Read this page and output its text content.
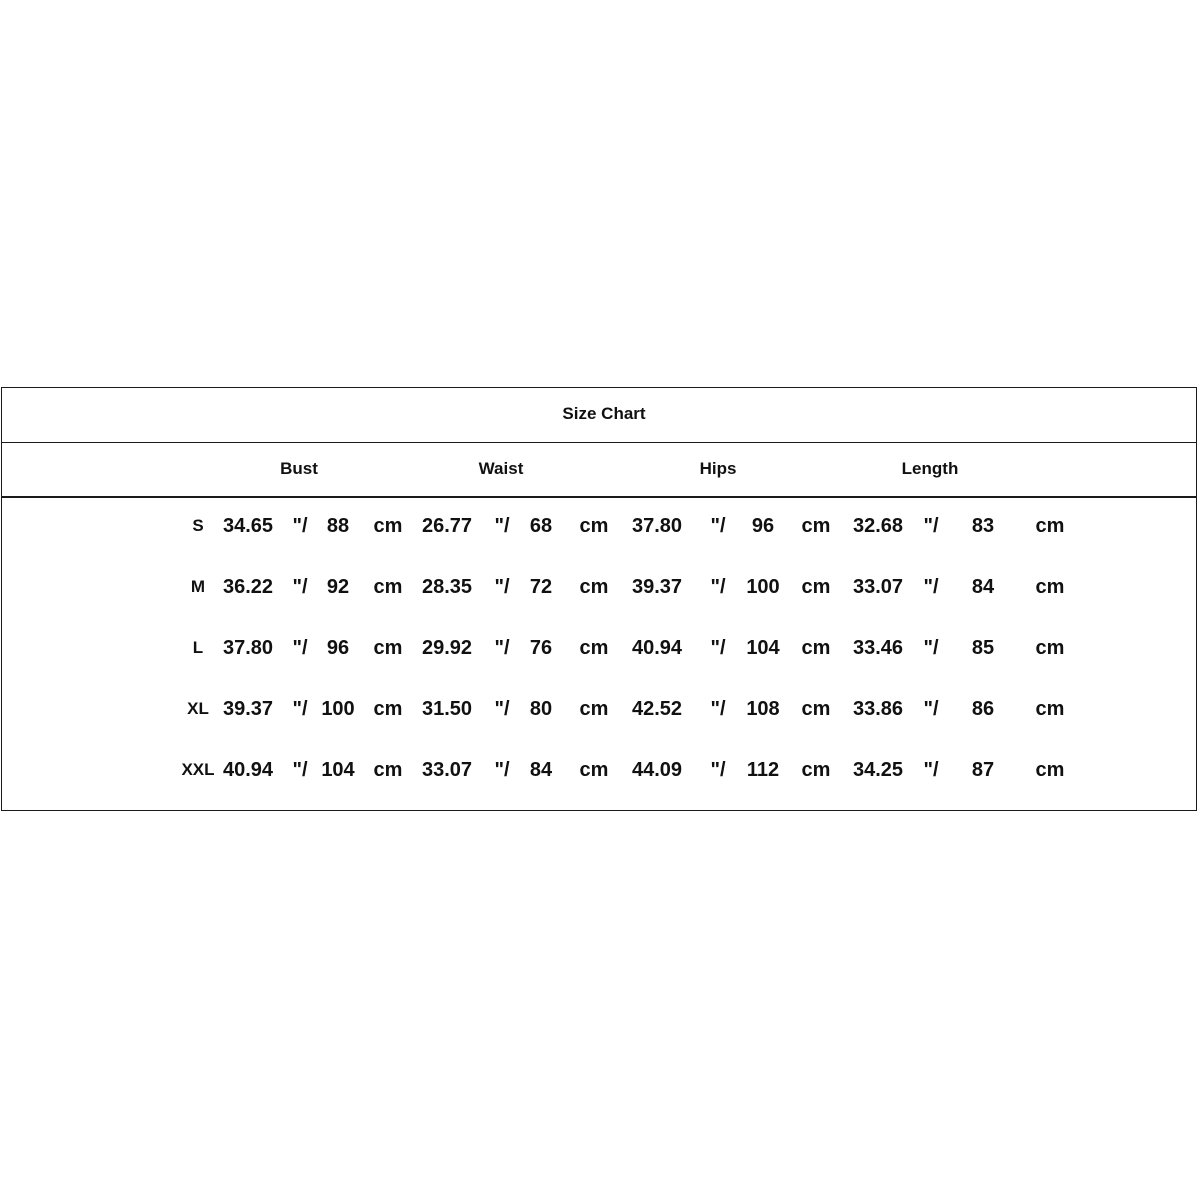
Size Chart
Bust	Waist	Hips	Length
S 34.65 "/ 88 cm 26.77 "/ 68 cm 37.80 "/ 96 cm 32.68 "/ 83 cm
M 36.22 "/ 92 cm 28.35 "/ 72 cm 39.37 "/ 100 cm 33.07 "/ 84 cm
L 37.80 "/ 96 cm 29.92 "/ 76 cm 40.94 "/ 104 cm 33.46 "/ 85 cm
XL 39.37 "/ 100 cm 31.50 "/ 80 cm 42.52 "/ 108 cm 33.86 "/ 86 cm
XXL 40.94 "/ 104 cm 33.07 "/ 84 cm 44.09 "/ 112 cm 34.25 "/ 87 cm
